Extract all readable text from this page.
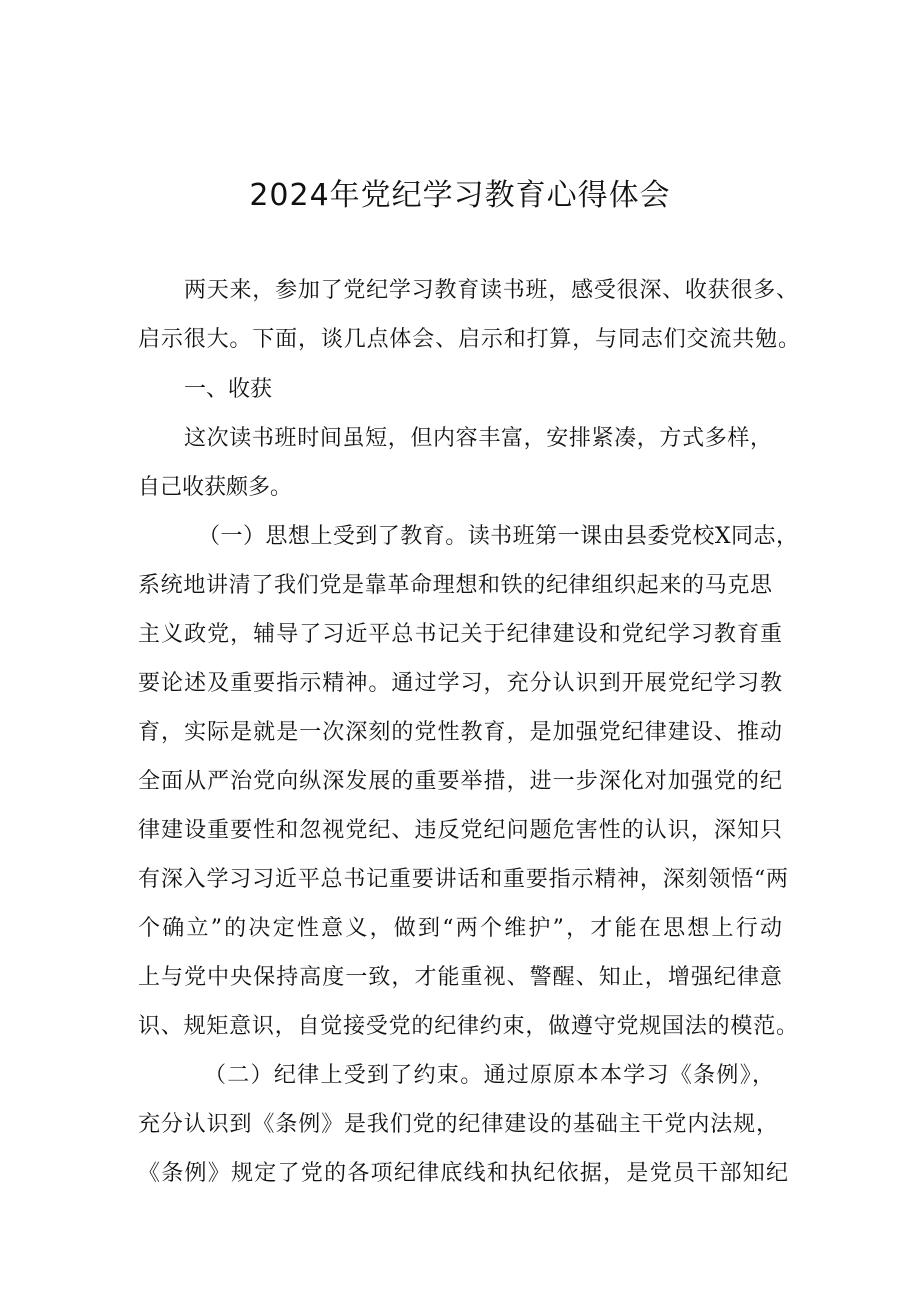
2024年党纪学习教育心得体会
两天来，参加了党纪学习教育读书班，感受很深、收获很多、
启示很大。下面，谈几点体会、启示和打算，与同志们交流共勉。
一、收获
这次读书班时间虽短，但内容丰富，安排紧凑，方式多样，
自己收获颇多。
（一）思想上受到了教育。读书班第一课由县委党校X同志，
系统地讲清了我们党是靠革命理想和铁的纪律组织起来的马克思
主义政党，辅导了习近平总书记关于纪律建设和党纪学习教育重
要论述及重要指示精神。通过学习，充分认识到开展党纪学习教
育，实际是就是一次深刻的党性教育，是加强党纪律建设、推动
全面从严治党向纵深发展的重要举措，进一步深化对加强党的纪
律建设重要性和忽视党纪、违反党纪问题危害性的认识，深知只
有深入学习习近平总书记重要讲话和重要指示精神，深刻领悟“两
个确立”的决定性意义，做到“两个维护”，才能在思想上行动
上与党中央保持高度一致，才能重视、警醒、知止，增强纪律意
识、规矩意识，自觉接受党的纪律约束，做遵守党规国法的模范。
（二）纪律上受到了约束。通过原原本本学习《条例》，
充分认识到《条例》是我们党的纪律建设的基础主干党内法规，
《条例》规定了党的各项纪律底线和执纪依据，是党员干部知纪
